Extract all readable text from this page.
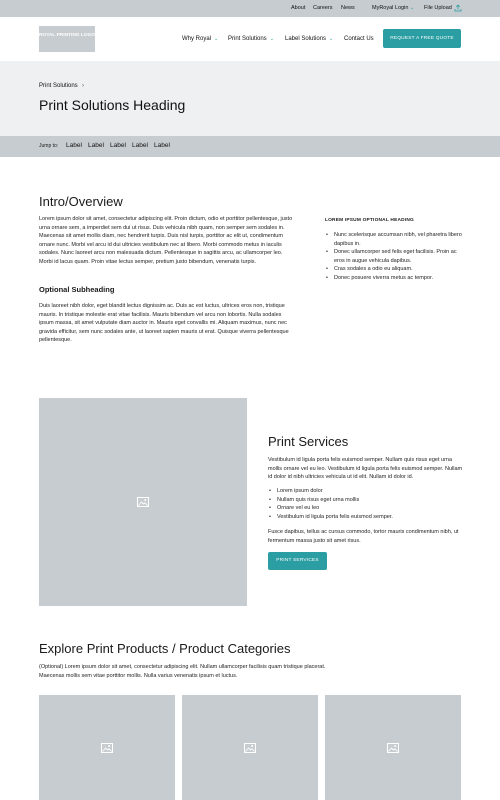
About Careers News	MyRoyal Login ⌄ File Upload
ROYAL PRINTING LOGO
Why Royal ⌄ Print Solutions ⌄ Label Solutions ⌄ Contact Us	REQUEST A FREE QUOTE
Print Solutions ›
Print Solutions Heading
Jump to: Label Label Label Label Label
Intro/Overview

Lorem ipsum dolor sit amet, consectetur adipiscing elit. Proin dictum, odio et porttitor pellentesque, justo urna ornare sem, a imperdiet sem dui ut risus. Duis vehicula nibh quam, non semper sem sodales in. Maecenas sit amet mollis diam, nec hendrerit turpis. Duis nisl turpis, porttitor ac elit ut, condimentum ornare nunc. Morbi vel arcu id dui ultricies vestibulum nec at libero. Morbi commodo metus in iaculis sodales. Nunc laoreet arcu non malesuada dictum. Pellentesque in sagittis arcu, ac ullamcorper leo. Morbi id lacus quam. Proin vitae lectus semper, pretium justo bibendum, venenatis turpis.

Optional Subheading

Duis laoreet nibh dolor, eget blandit lectus dignissim ac. Duis ac est luctus, ultrices eros non, tristique mauris. In tristique molestie erat vitae facilisis. Mauris bibendum vel arcu non lobortis. Nulla sodales ipsum massa, sit amet vulputate diam auctor in. Mauris eget convallis mi. Aliquam maximus, nunc nec gravida efficitur, sem nunc sodales ante, ut laoreet sapien mauris ut erat. Quisque viverra pellentesque pellentesque.

LOREM IPSUM OPTIONAL HEADING
• Nunc scelerisque accumsan nibh, vel pharetra libero dapibus in.
• Donec ullamcorper sed felis eget facilisis. Proin ac eros in augue vehicula dapibus.
• Cras sodales a odio eu aliquam.
• Donec posuere viverra metus ac tempor.
Print Services

Vestibulum id ligula porta felis euismod semper. Nullam quis risus eget urna mollis ornare vel eu leo. Vestibulum id ligula porta felis euismod semper. Nullam id dolor id nibh ultricies vehicula ut id elit. Nullam id dolor id.

• Lorem ipsum dolor
• Nullam quis risus eget urna mollis
• Ornare vel eu leo
• Vestibulum id ligula porta felis euismod semper.

Fusce dapibus, tellus ac cursus commodo, tortor mauris condimentum nibh, ut fermentum massa justo sit amet risus.

PRINT SERVICES
Explore Print Products / Product Categories

(Optional) Lorem ipsum dolor sit amet, consectetur adipiscing elit. Nullam ullamcorper facilisis quam tristique placerat. Maecenas mollis sem vitae porttitor mollis. Nulla varius venenatis ipsum et luctus.
